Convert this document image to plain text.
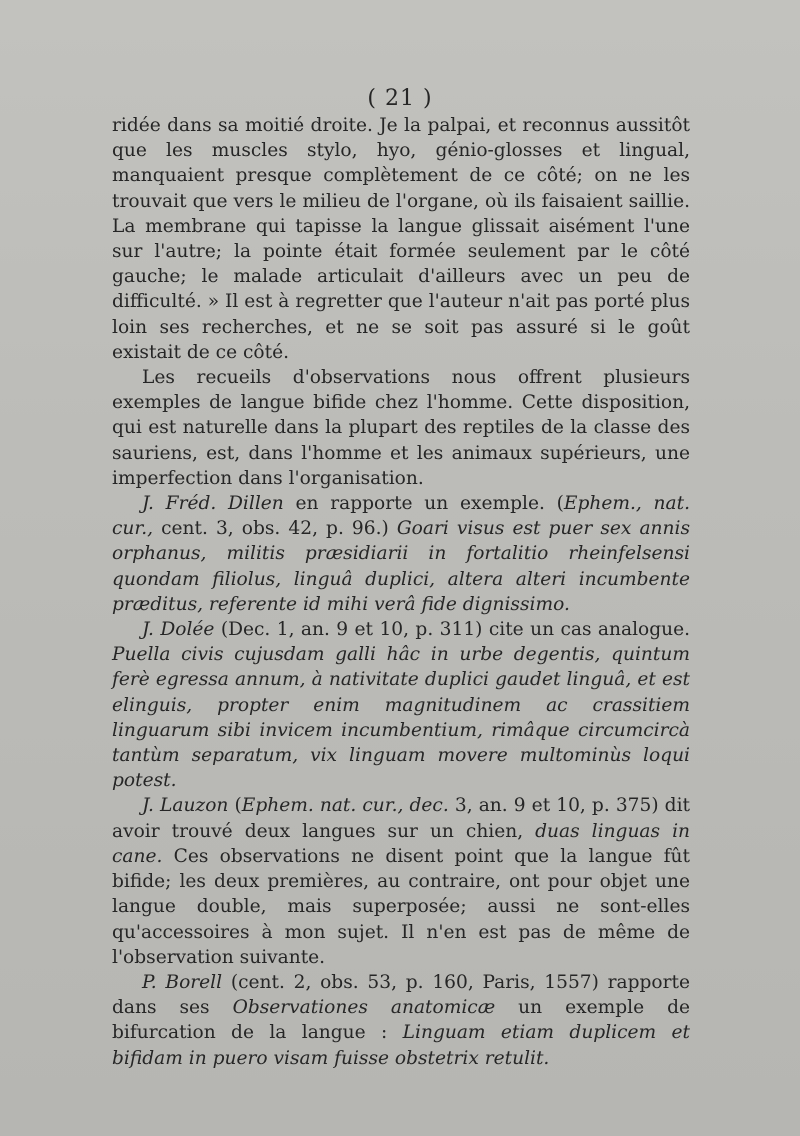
( 21 )

ridée dans sa moitié droite. Je la palpai, et reconnus aussitôt que les muscles stylo, hyo, génio-glosses et lingual, manquaient presque complètement de ce côté; on ne les trouvait que vers le milieu de l'organe, où ils faisaient saillie. La membrane qui tapisse la langue glissait aisément l'une sur l'autre; la pointe était formée seulement par le côté gauche; le malade articulait d'ailleurs avec un peu de difficulté. » Il est à regretter que l'auteur n'ait pas porté plus loin ses recherches, et ne se soit pas assuré si le goût existait de ce côté.

Les recueils d'observations nous offrent plusieurs exemples de langue bifide chez l'homme. Cette disposition, qui est naturelle dans la plupart des reptiles de la classe des sauriens, est, dans l'homme et les animaux supérieurs, une imperfection dans l'organisation.

J. Fréd. Dillen en rapporte un exemple. (Ephem., nat. cur., cent. 3, obs. 42, p. 96.) Goari visus est puer sex annis orphanus, militis præsidiarii in fortalitio rheinfelsensi quondam filiolus, linguâ duplici, altera alteri incumbente præditus, referente id mihi verâ fide dignissimo.

J. Dolée (Dec. 1, an. 9 et 10, p. 311) cite un cas analogue. Puella civis cujusdam galli hâc in urbe degentis, quintum ferè egressa annum, à nativitate duplici gaudet linguâ, et est elinguis, propter enim magnitudinem ac crassitiem linguarum sibi invicem incumbentium, rimâque circumcircà tantùm separatum, vix linguam movere multominùs loqui potest.

J. Lauzon (Ephem. nat. cur., dec. 3, an. 9 et 10, p. 375) dit avoir trouvé deux langues sur un chien, duas linguas in cane. Ces observations ne disent point que la langue fût bifide; les deux premières, au contraire, ont pour objet une langue double, mais superposée; aussi ne sont-elles qu'accessoires à mon sujet. Il n'en est pas de même de l'observation suivante.

P. Borell (cent. 2, obs. 53, p. 160, Paris, 1557) rapporte dans ses Observationes anatomicæ un exemple de bifurcation de la langue : Linguam etiam duplicem et bifidam in puero visam fuisse obstetrix retulit.
